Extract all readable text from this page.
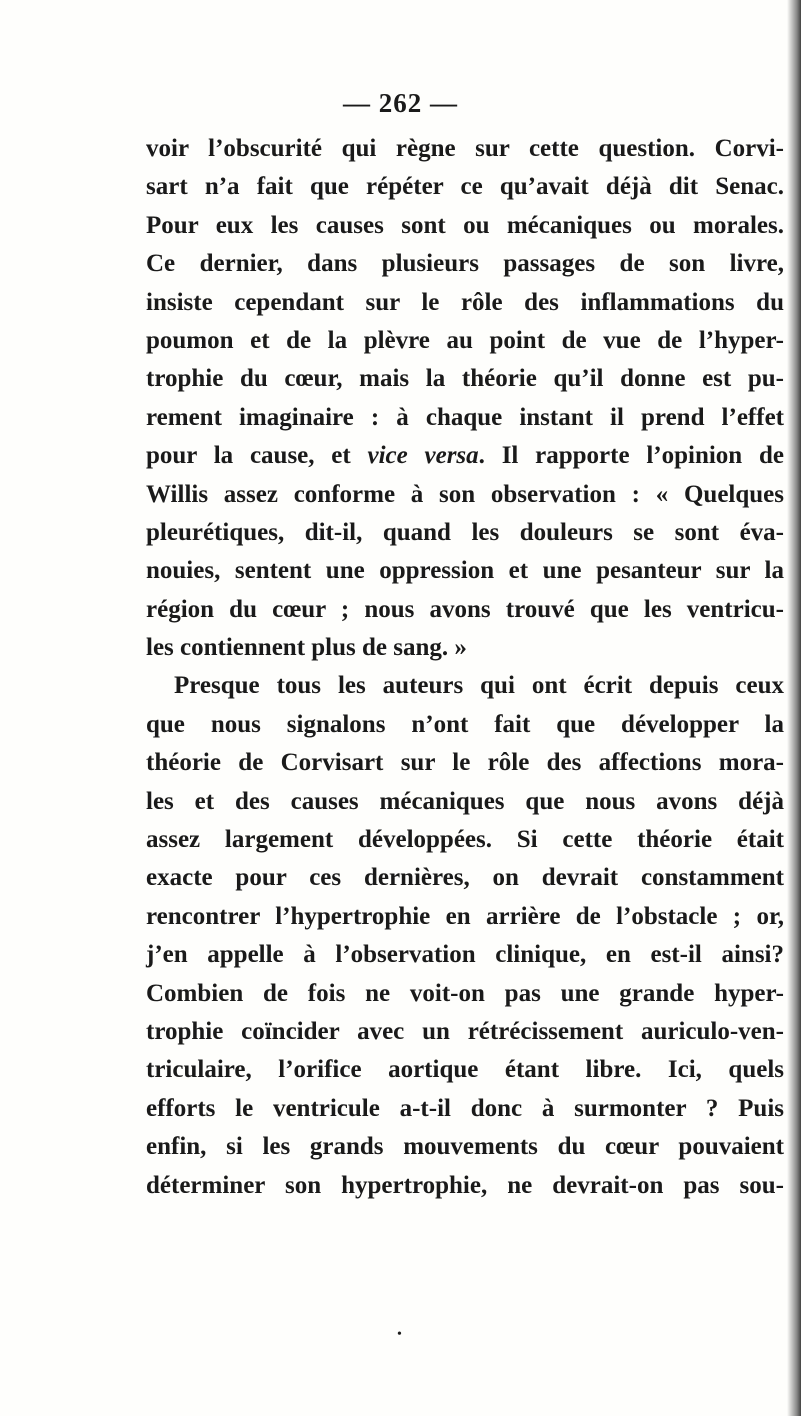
— 262 —
voir l’obscurité qui règne sur cette question. Corvi-
sart n’a fait que répéter ce qu’avait déjà dit Senac.
Pour eux les causes sont ou mécaniques ou morales.
Ce dernier, dans plusieurs passages de son livre,
insiste cependant sur le rôle des inflammations du
poumon et de la plèvre au point de vue de l’hyper-
trophie du cœur, mais la théorie qu’il donne est pu-
rement imaginaire : à chaque instant il prend l’effet
pour la cause, et vice versa. Il rapporte l’opinion de
Willis assez conforme à son observation : « Quelques
pleurétiques, dit-il, quand les douleurs se sont éva-
nouies, sentent une oppression et une pesanteur sur la
région du cœur ; nous avons trouvé que les ventricu-
les contiennent plus de sang. »
Presque tous les auteurs qui ont écrit depuis ceux
que nous signalons n’ont fait que développer la
théorie de Corvisart sur le rôle des affections mora-
les et des causes mécaniques que nous avons déjà
assez largement développées. Si cette théorie était
exacte pour ces dernières, on devrait constamment
rencontrer l’hypertrophie en arrière de l’obstacle ; or,
j’en appelle à l’observation clinique, en est-il ainsi?
Combien de fois ne voit-on pas une grande hyper-
trophie coïncider avec un rétrécissement auriculo-ven-
triculaire, l’orifice aortique étant libre. Ici, quels
efforts le ventricule a-t-il donc à surmonter ? Puis
enfin, si les grands mouvements du cœur pouvaient
déterminer son hypertrophie, ne devrait-on pas sou-
•
